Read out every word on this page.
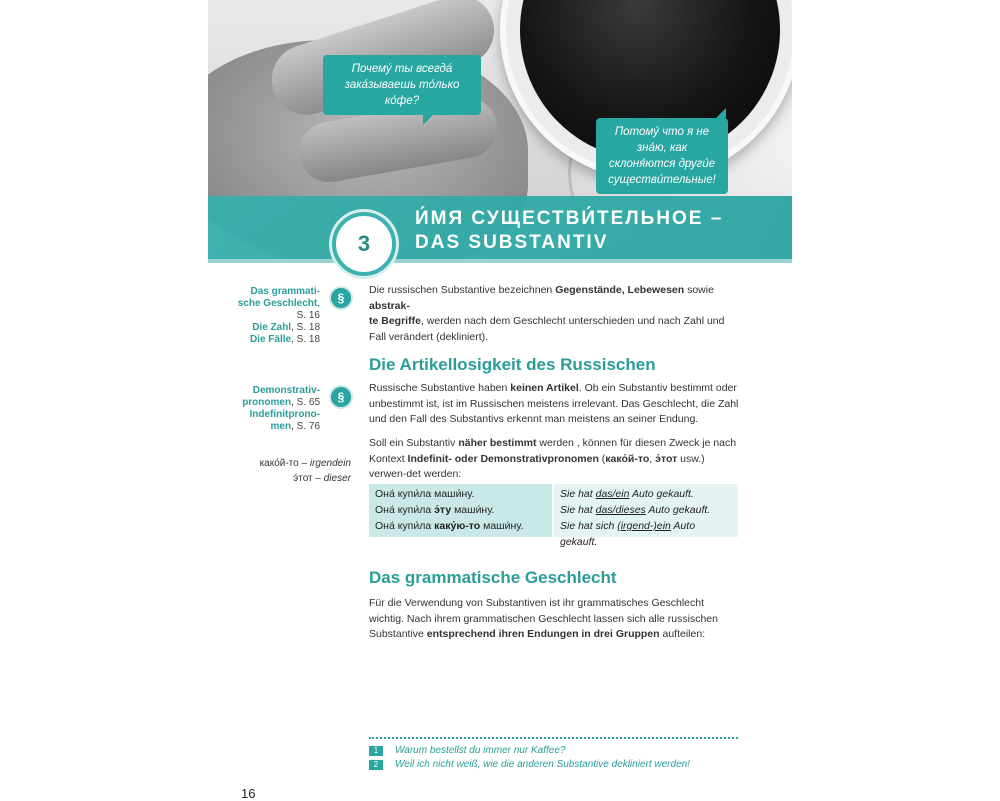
Почему́ ты всегда́ зака́зываешь то́лько ко́фе?
Потому́ что я не зна́ю, как склоня́ются други́е существи́тельные!
3
И́МЯ СУЩЕСТВИ́ТЕЛЬНОЕ –
DAS SUBSTANTIV
Das grammati-
sche Geschlecht,
S. 16
Die Zahl, S. 18
Die Fälle, S. 18
§
Demonstrativ-
pronomen, S. 65
Indefinitprono-
men, S. 76
§
како́й-то – irgendein
э́тот – dieser
Die russischen Substantive bezeichnen Gegenstände, Lebewesen sowie abstrak-
te Begriffe, werden nach dem Geschlecht unterschieden und nach Zahl und Fall verändert (dekliniert).
Die Artikellosigkeit des Russischen
Russische Substantive haben keinen Artikel. Ob ein Substantiv bestimmt oder unbestimmt ist, ist im Russischen meistens irrelevant. Das Geschlecht, die Zahl und den Fall des Substantivs erkennt man meistens an seiner Endung.
Soll ein Substantiv näher bestimmt werden , können für diesen Zweck je nach Kontext Indefinit- oder Demonstrativpronomen (како́й-то, э́тот usw.) verwen-det werden:
Она́ купи́ла маши́ну.
Она́ купи́ла э́ту маши́ну.
Она́ купи́ла каку́ю-то маши́ну.
Sie hat das/ein Auto gekauft.
Sie hat das/dieses Auto gekauft.
Sie hat sich (irgend-)ein Auto gekauft.
Das grammatische Geschlecht
Für die Verwendung von Substantiven ist ihr grammatisches Geschlecht wichtig. Nach ihrem grammatischen Geschlecht lassen sich alle russischen Substantive entsprechend ihren Endungen in drei Gruppen aufteilen:
1 Warum bestellst du immer nur Kaffee?
2 Weil ich nicht weiß, wie die anderen Substantive dekliniert werden!
16
